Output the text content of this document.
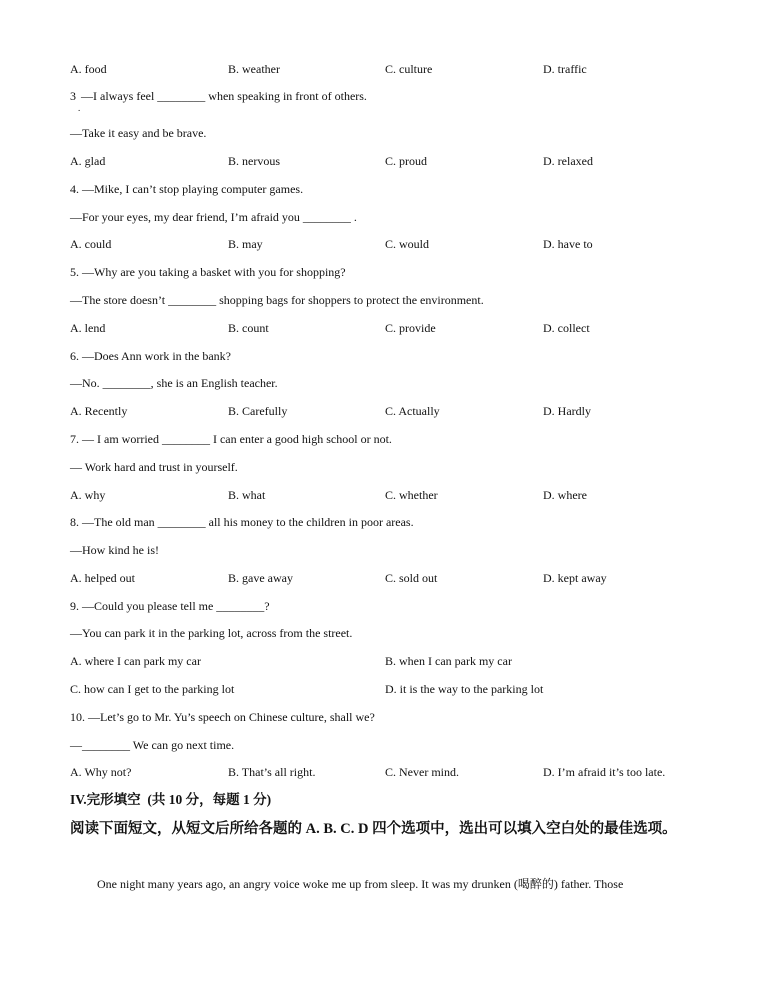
A. food	B. weather	C. culture	D. traffic
3
.
—I always feel ________ when speaking in front of others.
—Take it easy and be brave.
A. glad	B. nervous	C. proud	D. relaxed
4. —Mike, I can’t stop playing computer games.
—For your eyes, my dear friend, I’m afraid you ________ .
A. could	B. may	C. would	D. have to
5. —Why are you taking a basket with you for shopping?
—The store doesn’t ________ shopping bags for shoppers to protect the environment.
A. lend	B. count	C. provide	D. collect
6. —Does Ann work in the bank?
—No. ________, she is an English teacher.
A. Recently	B. Carefully	C. Actually	D. Hardly
7. — I am worried ________ I can enter a good high school or not.
— Work hard and trust in yourself.
A. why	B. what	C. whether	D. where
8. —The old man ________ all his money to the children in poor areas.
—How kind he is!
A. helped out	B. gave away	C. sold out	D. kept away
9. —Could you please tell me ________?
—You can park it in the parking lot, across from the street.
A. where I can park my car	B. when I can park my car
C. how can I get to the parking lot	D. it is the way to the parking lot
10. —Let’s go to Mr. Yu’s speech on Chinese culture, shall we?
—________ We can go next time.
A. Why not?	B. That’s all right.	C. Never mind.	D. I’m afraid it’s too late.
IV.完形填空  (共 10 分，每题 1 分)
阅读下面短文，从短文后所给各题的 A. B. C. D 四个选项中，选出可以填入空白处的最佳选项。
One night many years ago, an angry voice woke me up from sleep. It was my drunken (喝醉的) father. Those
